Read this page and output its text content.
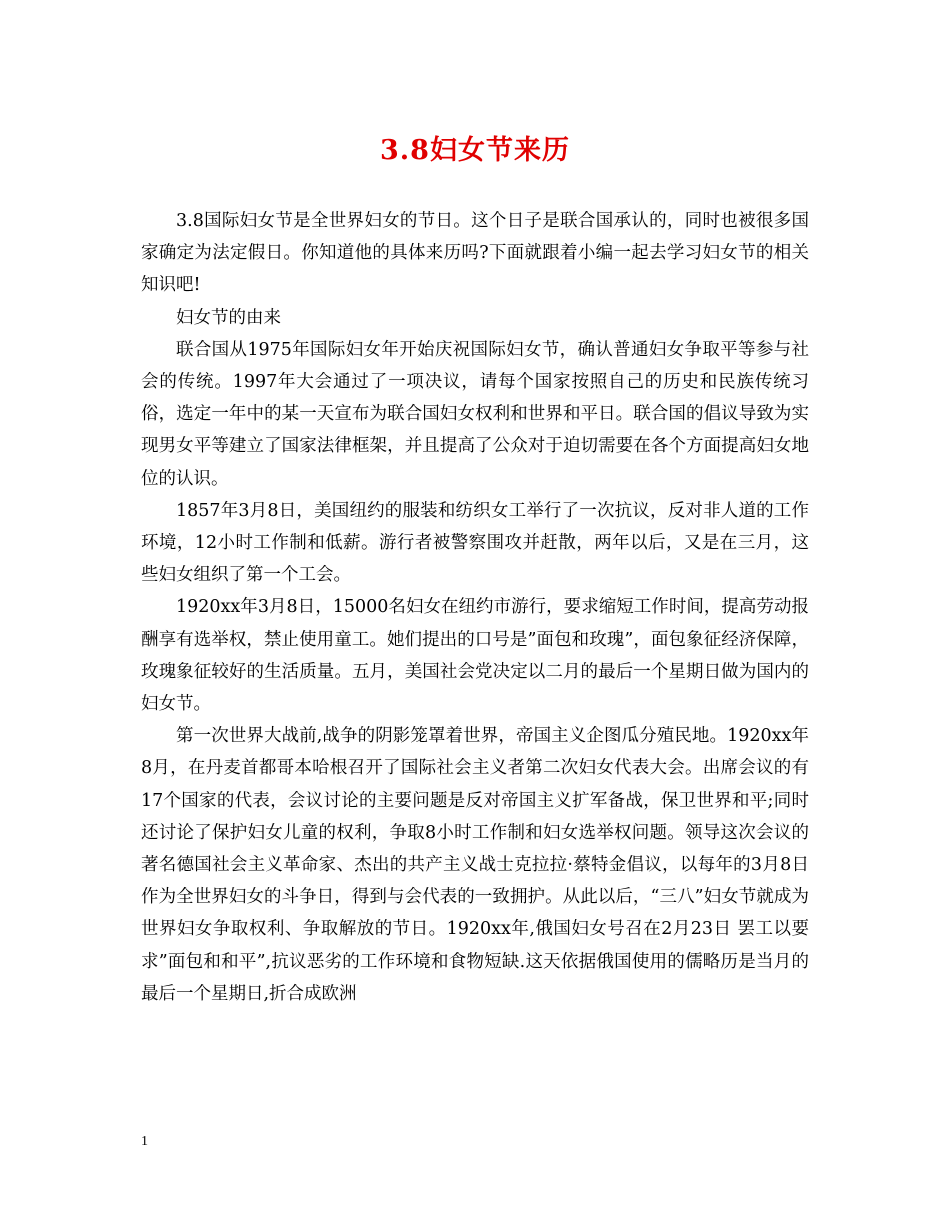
3.8妇女节来历

3.8国际妇女节是全世界妇女的节日。这个日子是联合国承认的，同时也被很多国家确定为法定假日。你知道他的具体来历吗?下面就跟着小编一起去学习妇女节的相关知识吧!

妇女节的由来

联合国从1975年国际妇女年开始庆祝国际妇女节，确认普通妇女争取平等参与社会的传统。1997年大会通过了一项决议，请每个国家按照自己的历史和民族传统习俗，选定一年中的某一天宣布为联合国妇女权利和世界和平日。联合国的倡议导致为实现男女平等建立了国家法律框架，并且提高了公众对于迫切需要在各个方面提高妇女地位的认识。

1857年3月8日，美国纽约的服装和纺织女工举行了一次抗议，反对非人道的工作环境，12小时工作制和低薪。游行者被警察围攻并赶散，两年以后，又是在三月，这些妇女组织了第一个工会。

1920xx年3月8日，15000名妇女在纽约市游行，要求缩短工作时间，提高劳动报酬享有选举权，禁止使用童工。她们提出的口号是”面包和玫瑰”，面包象征经济保障，玫瑰象征较好的生活质量。五月，美国社会党决定以二月的最后一个星期日做为国内的妇女节。

第一次世界大战前,战争的阴影笼罩着世界，帝国主义企图瓜分殖民地。1920xx年8月，在丹麦首都哥本哈根召开了国际社会主义者第二次妇女代表大会。出席会议的有17个国家的代表，会议讨论的主要问题是反对帝国主义扩军备战，保卫世界和平;同时还讨论了保护妇女儿童的权利，争取8小时工作制和妇女选举权问题。领导这次会议的著名德国社会主义革命家、杰出的共产主义战士克拉拉·蔡特金倡议，以每年的3月8日作为全世界妇女的斗争日，得到与会代表的一致拥护。从此以后，“三八”妇女节就成为世界妇女争取权利、争取解放的节日。1920xx年,俄国妇女号召在2月23日 罢工以要求”面包和和平”,抗议恶劣的工作环境和食物短缺.这天依据俄国使用的儒略历是当月的最后一个星期日,折合成欧洲

1
